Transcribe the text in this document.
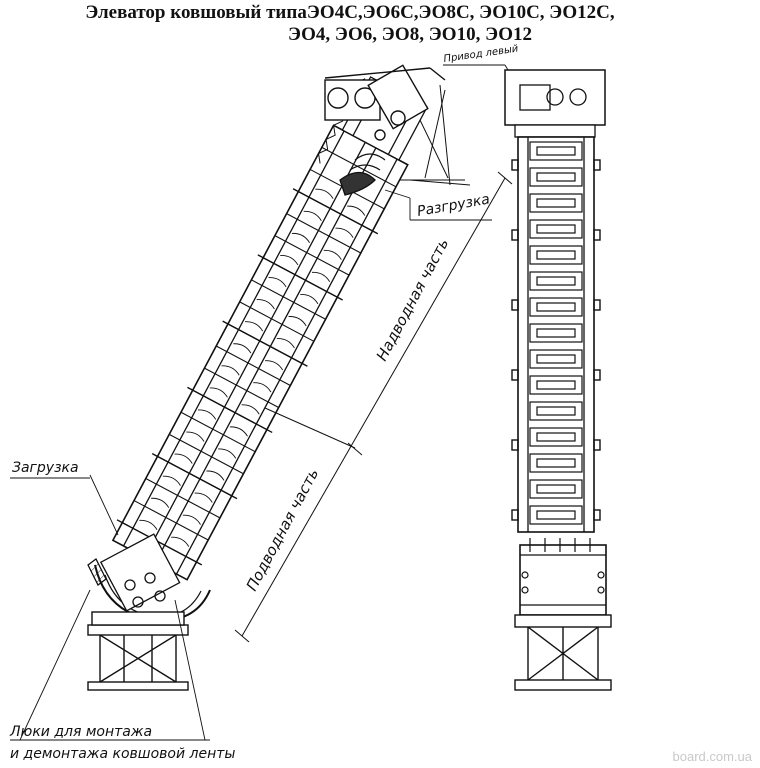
Элеватор ковшовый типаЭО4С,ЭО6С,ЭО8С, ЭО10С, ЭО12С,
ЭО4, ЭО6, ЭО8, ЭО10, ЭО12
Привод левый
Разгрузка
Надводная часть
Загрузка	Подводная часть
Люки для монтажа
и демонтажа ковшовой ленты	board.com.ua
